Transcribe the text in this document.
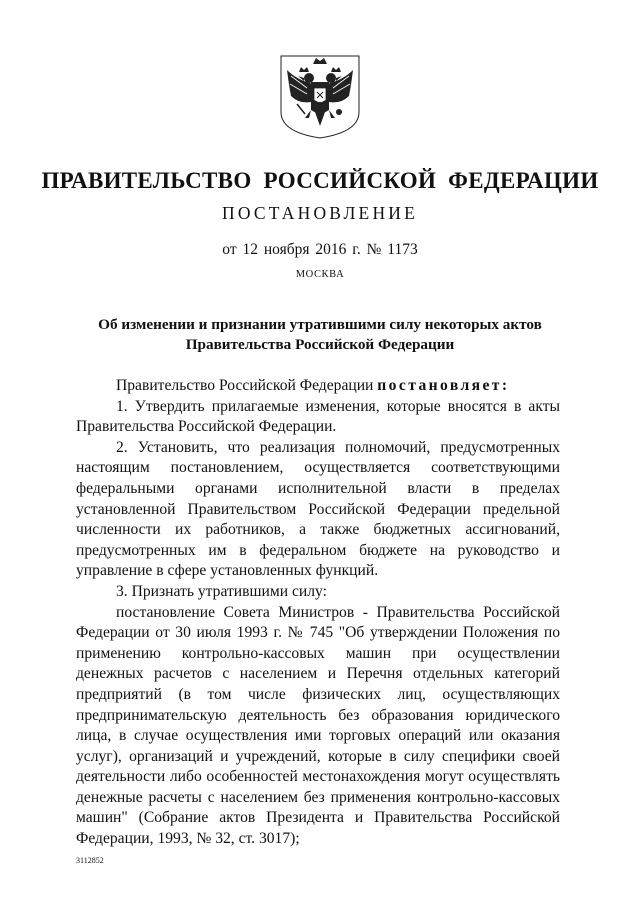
ПРАВИТЕЛЬСТВО РОССИЙСКОЙ ФЕДЕРАЦИИ
ПОСТАНОВЛЕНИЕ
от 12 ноября 2016 г. № 1173
МОСКВА
Об изменении и признании утратившими силу некоторых актов
Правительства Российской Федерации

Правительство Российской Федерации постановляет:

1. Утвердить прилагаемые изменения, которые вносятся в акты Правительства Российской Федерации.

2. Установить, что реализация полномочий, предусмотренных настоящим постановлением, осуществляется соответствующими федеральными органами исполнительной власти в пределах установленной Правительством Российской Федерации предельной численности их работников, а также бюджетных ассигнований, предусмотренных им в федеральном бюджете на руководство и управление в сфере установленных функций.

3. Признать утратившими силу:

постановление Совета Министров - Правительства Российской Федерации от 30 июля 1993 г. № 745 "Об утверждении Положения по применению контрольно-кассовых машин при осуществлении денежных расчетов с населением и Перечня отдельных категорий предприятий (в том числе физических лиц, осуществляющих предпринимательскую деятельность без образования юридического лица, в случае осуществления ими торговых операций или оказания услуг), организаций и учреждений, которые в силу специфики своей деятельности либо особенностей местонахождения могут осуществлять денежные расчеты с населением без применения контрольно-кассовых машин" (Собрание актов Президента и Правительства Российской Федерации, 1993, № 32, ст. 3017);

3112852
